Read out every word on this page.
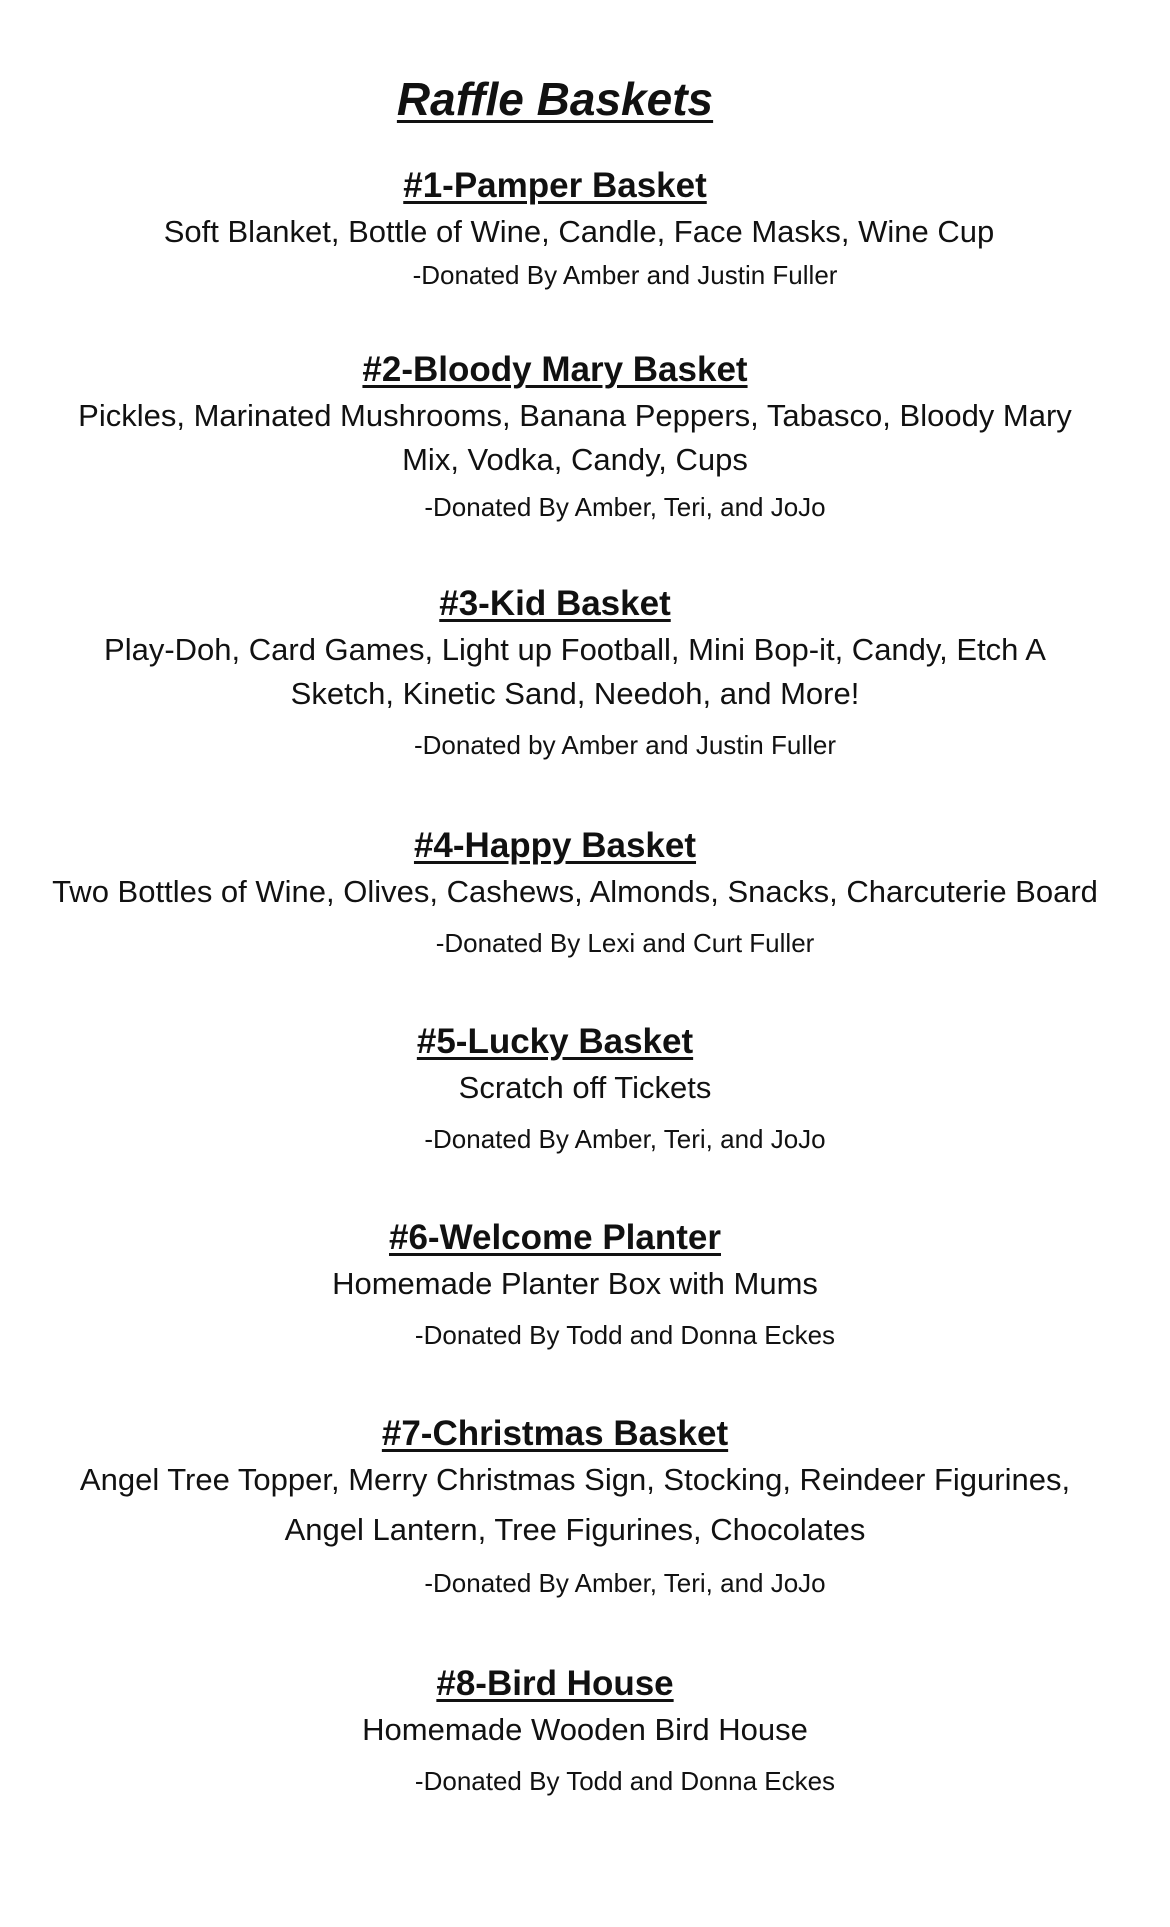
Raffle Baskets
#1-Pamper Basket

Soft Blanket, Bottle of Wine, Candle, Face Masks, Wine Cup

-Donated By Amber and Justin Fuller

#2-Bloody Mary Basket

Pickles, Marinated Mushrooms, Banana Peppers, Tabasco, Bloody Mary

Mix, Vodka, Candy, Cups

-Donated By Amber, Teri, and JoJo

#3-Kid Basket

Play-Doh, Card Games, Light up Football, Mini Bop-it, Candy, Etch A

Sketch, Kinetic Sand, Needoh, and More!

-Donated by Amber and Justin Fuller

#4-Happy Basket

Two Bottles of Wine, Olives, Cashews, Almonds, Snacks, Charcuterie Board

-Donated By Lexi and Curt Fuller

#5-Lucky Basket

Scratch off Tickets

-Donated By Amber, Teri, and JoJo

#6-Welcome Planter

Homemade Planter Box with Mums

-Donated By Todd and Donna Eckes

#7-Christmas Basket

Angel Tree Topper, Merry Christmas Sign, Stocking, Reindeer Figurines,

Angel Lantern, Tree Figurines, Chocolates

-Donated By Amber, Teri, and JoJo

#8-Bird House

Homemade Wooden Bird House

-Donated By Todd and Donna Eckes
